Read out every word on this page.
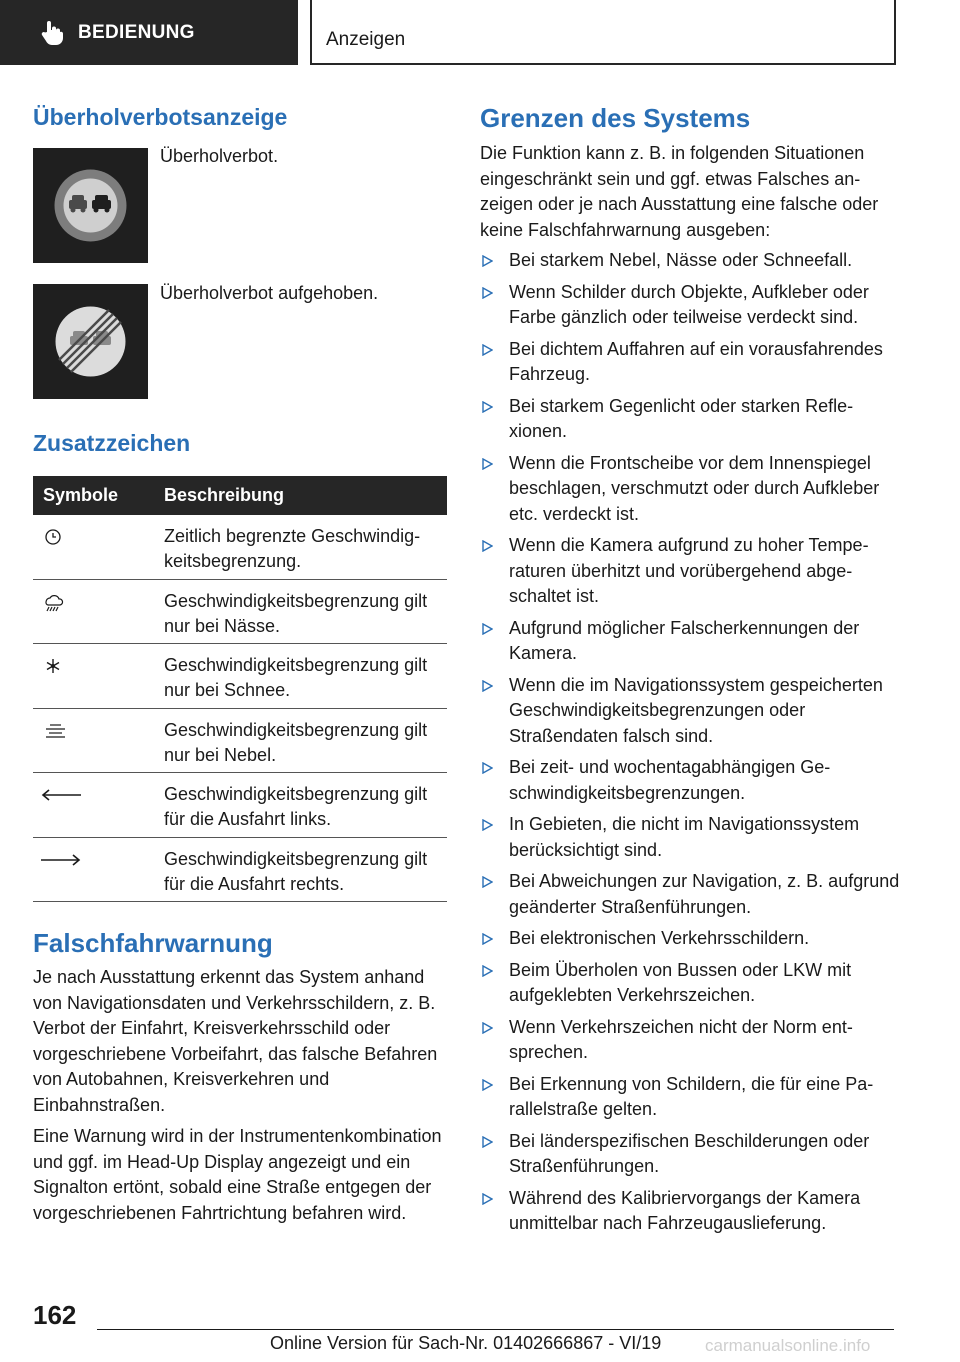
BEDIENUNG	Anzeigen
Überholverbotsanzeige

Überholverbot.

Überholverbot aufgehoben.

Zusatzzeichen
Symbole	Beschreibung

Zeitlich begrenzte Geschwindigkeitsbegrenzung.

Geschwindigkeitsbegrenzung gilt nur bei Nässe.

Geschwindigkeitsbegrenzung gilt nur bei Schnee.

Geschwindigkeitsbegrenzung gilt nur bei Nebel.

Geschwindigkeitsbegrenzung gilt für die Ausfahrt links.

Geschwindigkeitsbegrenzung gilt für die Ausfahrt rechts.

Falschfahrwarnung

Je nach Ausstattung erkennt das System anhand von Navigationsdaten und Verkehrsschildern, z. B. Verbot der Einfahrt, Kreisverkehrsschild oder vorgeschriebene Vorbeifahrt, das falsche Befahren von Autobahnen, Kreisverkehren und Einbahnstraßen.

Eine Warnung wird in der Instrumentenkombination und ggf. im Head-Up Display angezeigt und ein Signalton ertönt, sobald eine Straße entgegen der vorgeschriebenen Fahrtrichtung befahren wird.

Grenzen des Systems

Die Funktion kann z. B. in folgenden Situationen eingeschränkt sein und ggf. etwas Falsches anzeigen oder je nach Ausstattung eine falsche oder keine Falschfahrwarnung ausgeben:

Bei starkem Nebel, Nässe oder Schneefall.
Wenn Schilder durch Objekte, Aufkleber oder Farbe gänzlich oder teilweise verdeckt sind.
Bei dichtem Auffahren auf ein vorausfahrendes Fahrzeug.
Bei starkem Gegenlicht oder starken Reflexionen.
Wenn die Frontscheibe vor dem Innenspiegel beschlagen, verschmutzt oder durch Aufkleber etc. verdeckt ist.
Wenn die Kamera aufgrund zu hoher Temperaturen überhitzt und vorübergehend abgeschaltet ist.
Aufgrund möglicher Falscherkennungen der Kamera.
Wenn die im Navigationssystem gespeicherten Geschwindigkeitsbegrenzungen oder Straßendaten falsch sind.
Bei zeit- und wochentagabhängigen Geschwindigkeitsbegrenzungen.
In Gebieten, die nicht im Navigationssystem berücksichtigt sind.
Bei Abweichungen zur Navigation, z. B. aufgrund geänderter Straßenführungen.
Bei elektronischen Verkehrsschildern.
Beim Überholen von Bussen oder LKW mit aufgeklebten Verkehrszeichen.
Wenn Verkehrszeichen nicht der Norm entsprechen.
Bei Erkennung von Schildern, die für eine Parallelstraße gelten.
Bei länderspezifischen Beschilderungen oder Straßenführungen.
Während des Kalibriervorgangs der Kamera unmittelbar nach Fahrzeugauslieferung.
162
Online Version für Sach-Nr. 01402666867 - VI/19	carmanualsonline.info
